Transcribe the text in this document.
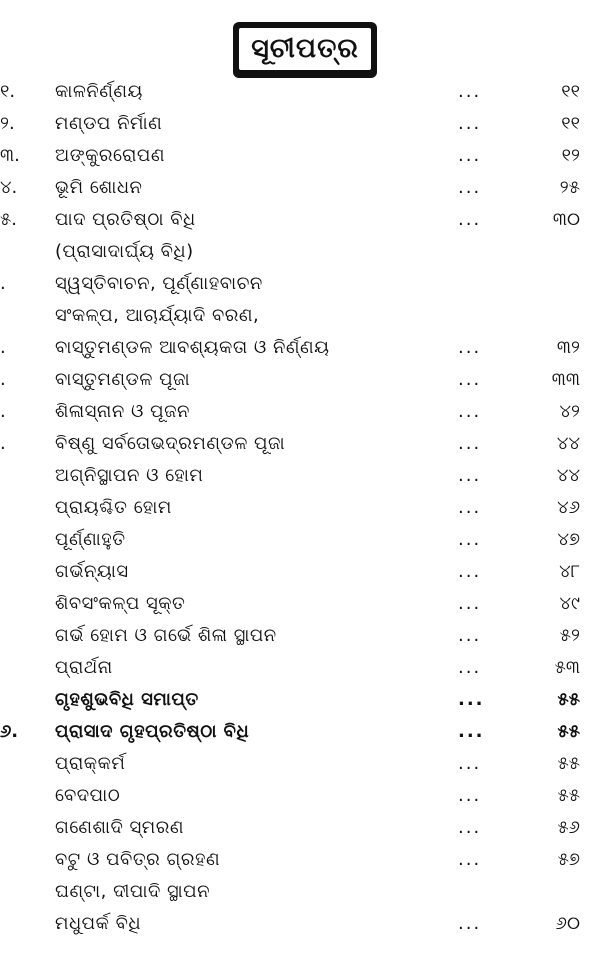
ସୂଚୀପତ୍ର
୧.	କାଳନିର୍ଣ୍ଣୟ	...	୧୧
୨.	ମଣ୍ଡପ ନିର୍ମାଣ	...	୧୧
୩.	ଅଙ୍କୁରରୋପଣ	...	୧୨
୪.	ଭୂମି ଶୋଧନ	...	୨୫
୫.	ପାଦ ପ୍ରତିଷ୍ଠା ବିଧି	...	୩୦
(ପ୍ରାସାଦାର୍ଘ୍ୟ ବିଧି)
.	ସ୍ୱସ୍ତିବାଚନ, ପୂର୍ଣ୍ଣାହବାଚନ
ସଂକଳ୍ପ, ଆଚାର୍ଯ୍ୟାଦି ବରଣ,
.	ବାସ୍ତୁମଣ୍ଡଳ ଆବଶ୍ୟକତା ଓ ନିର୍ଣ୍ଣୟ	...	୩୨
.	ବାସ୍ତୁମଣ୍ଡଳ ପୂଜା	...	୩୩
.	ଶିଳାସ୍ନାନ ଓ ପୂଜନ	...	୪୨
.	ବିଷ୍ଣୁ ସର୍ବତୋଭଦ୍ରମଣ୍ଡଳ ପୂଜା	...	୪୪
ଅଗ୍ନିସ୍ଥାପନ ଓ ହୋମ	...	୪୪
ପ୍ରାୟଶ୍ଚିତ ହୋମ	...	୪୬
ପୂର୍ଣ୍ଣାହୁତି	...	୪୭
ଗର୍ଭନ୍ୟାସ	...	୪୮
ଶିବସଂକଳ୍ପ ସୂକ୍ତ	...	୪୯
ଗର୍ଭ ହୋମ ଓ ଗର୍ଭେ ଶିଳା ସ୍ଥାପନ	...	୫୨
ପ୍ରାର୍ଥନା	...	୫୩
ଗୃହଶୁଭବିଧି ସମାପ୍ତ	...	୫୫
୬.	ପ୍ରାସାଦ ଗୃହପ୍ରତିଷ୍ଠା ବିଧି	...	୫୫
ପ୍ରାକ୍‌କର୍ମ	...	୫୫
ବେଦପାଠ	...	୫୫
ଗଣେଶାଦି ସ୍ମରଣ	...	୫୬
ବଟୁ ଓ ପବିତ୍ର ଗ୍ରହଣ	...	୫୭
ଘଣ୍ଟା, ଦୀପାଦି ସ୍ଥାପନ
ମଧୁପର୍କ ବିଧି	...	୬୦
